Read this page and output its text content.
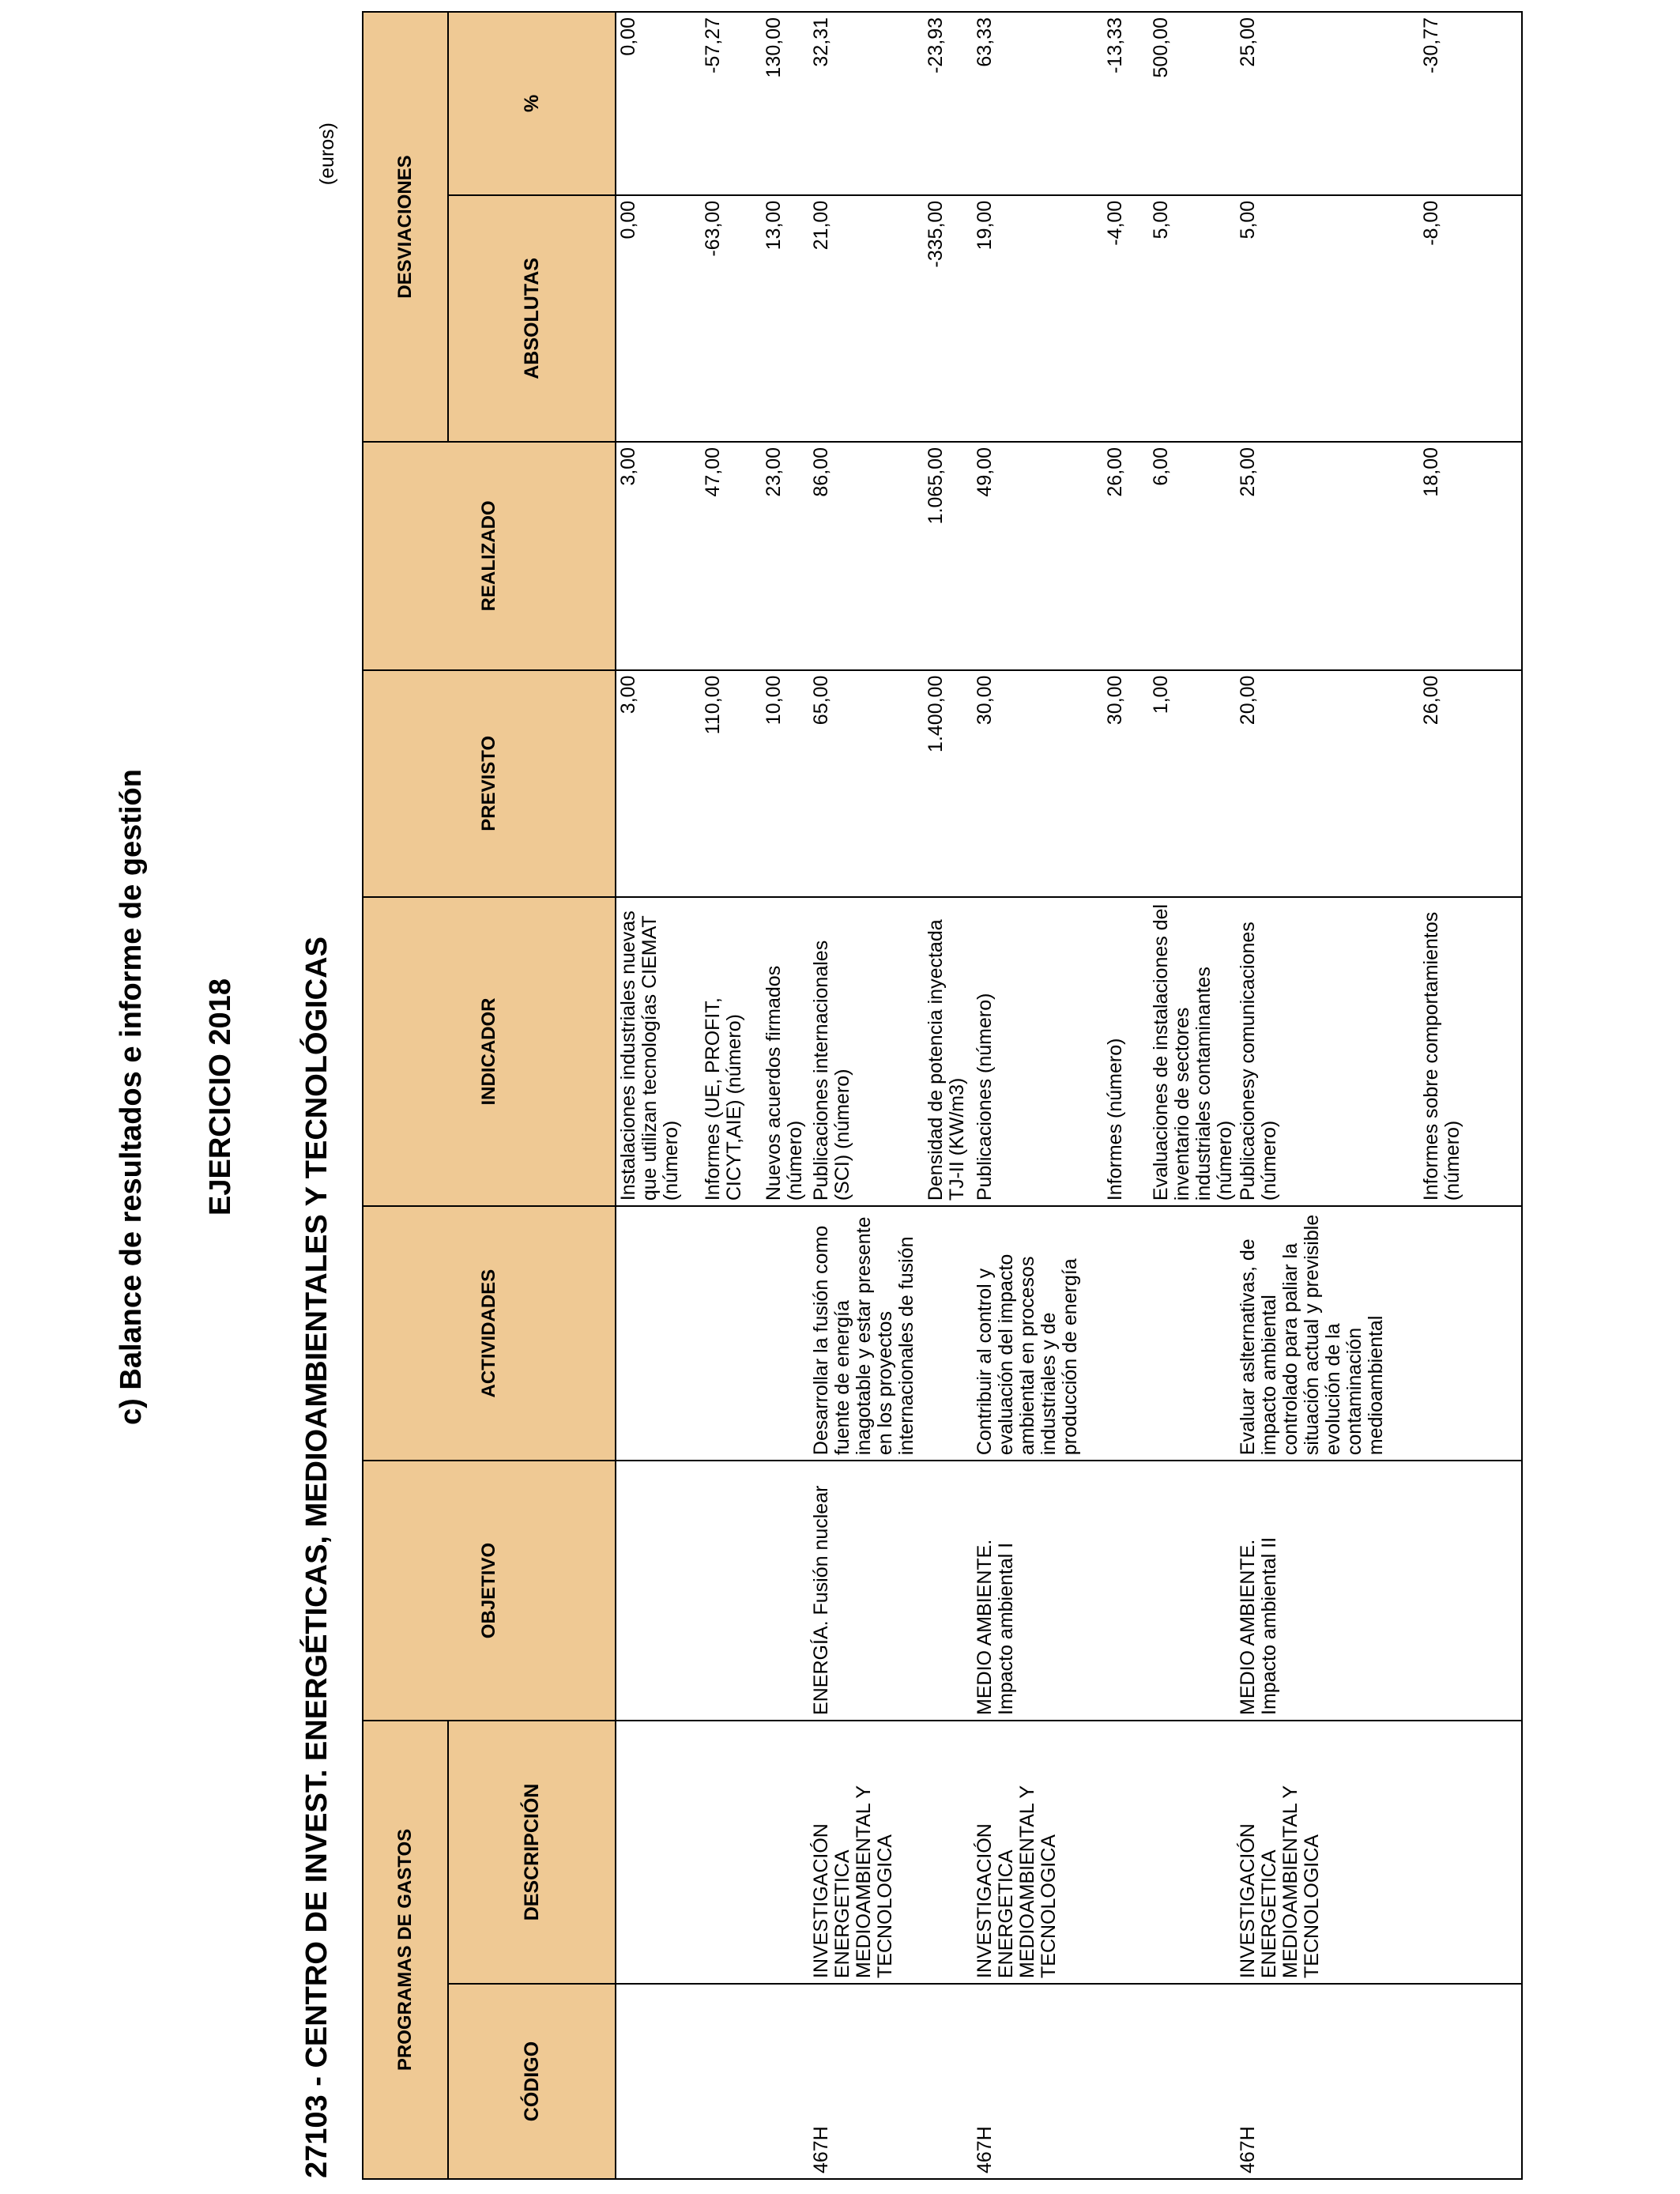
c) Balance de resultados e informe de gestión EJERCICIO 2018 27103 - CENTRO DE INVEST. ENERGÉTICAS, MEDIOAMBIENTALES Y TECNOLÓGICAS
(euros)
PROGRAMAS DE GASTOS		OBJETIVO	ACTIVIDADES	INDICADOR	PREVISTO	REALIZADO	DESVIACIONES	
CÓDIGO	DESCRIPCIÓN						ABSOLUTAS	%
				Instalaciones industriales nuevas que utilizan tecnologías CIEMAT (número)	3,00	3,00	0,00	0,00
				Informes (UE, PROFIT, CICYT,AIE) (número)	110,00	47,00	-63,00	-57,27
				Nuevos acuerdos firmados (número)	10,00	23,00	13,00	130,00
467H	INVESTIGACIÓN ENERGETICA MEDIOAMBIENTAL Y TECNOLOGICA	ENERGÍA. Fusión nuclear	Desarrollar la fusión como fuente de energía inagotable y estar presente en los proyectos internacionales de fusión	Publicaciones internacionales (SCI) (número)	65,00	86,00	21,00	32,31
				Densidad de potencia inyectada TJ-II (KW/m3)	1.400,00	1.065,00	-335,00	-23,93
467H	INVESTIGACIÓN ENERGETICA MEDIOAMBIENTAL Y TECNOLOGICA	MEDIO AMBIENTE. Impacto ambiental I	Contribuir al control y evaluación del impacto ambiental en procesos industriales y de producción de energía	Publicaciones (número)	30,00	49,00	19,00	63,33
				Informes (número)	30,00	26,00	-4,00	-13,33
				Evaluaciones de instalaciones del inventario de sectores industriales contaminantes (número)	1,00	6,00	5,00	500,00
467H	INVESTIGACIÓN ENERGETICA MEDIOAMBIENTAL Y TECNOLOGICA	MEDIO AMBIENTE. Impacto ambiental II	Evaluar aslternativas, de impacto ambiental controlado para paliar la situación actual y previsible evolución de la contaminación medioambiental	Publicacionesy comunicaciones (número)	20,00	25,00	5,00	25,00
				Informes sobre comportamientos (número)	26,00	18,00	-8,00	-30,77
